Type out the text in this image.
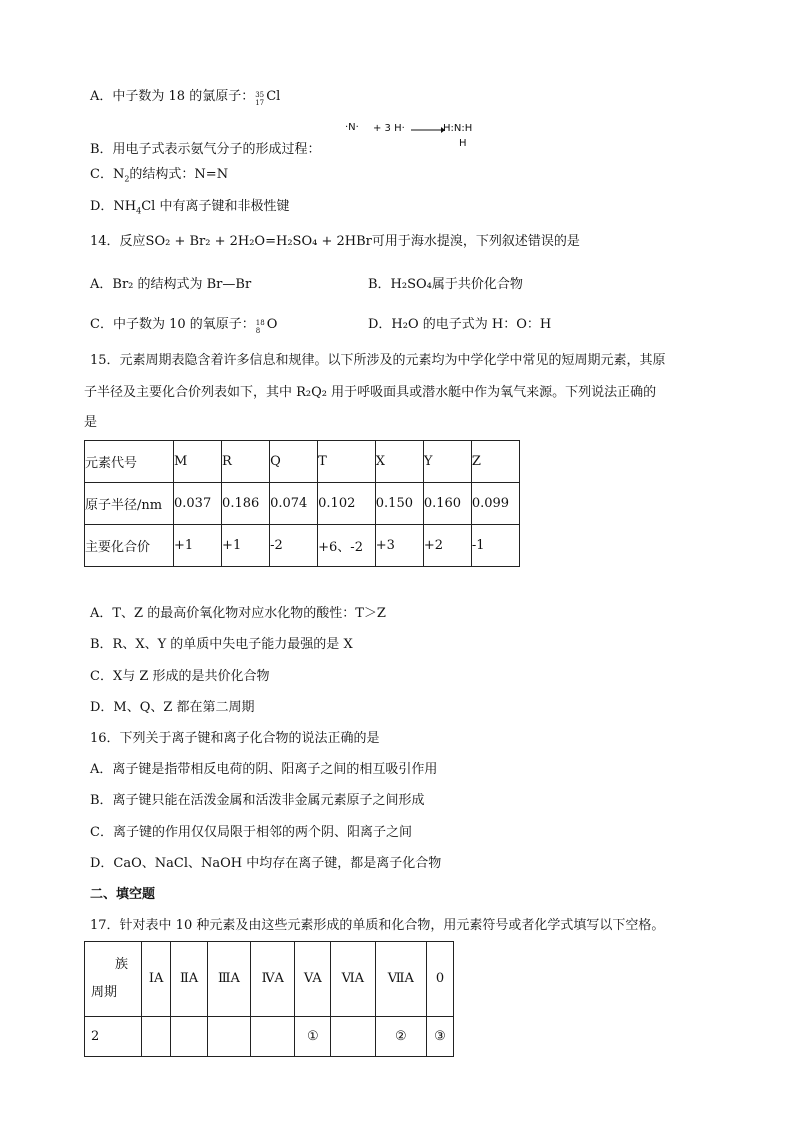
A．中子数为 18 的氯原子： 35
17 Cl
·N· + 3 H· →
H:N:H
H
B．用电子式表示氨气分子的形成过程：
C．$N_2$的结构式：N=N
D．$NH_4Cl$ 中有离子键和非极性键
14．反应SO₂ + Br₂ + 2H₂O=H₂SO₄ + 2HBr可用于海水提溴，下列叙述错误的是
A．Br₂ 的结构式为 Br—Br	B．H₂SO₄属于共价化合物
C．中子数为 10 的氧原子： 18
8 O	D．H₂O 的电子式为 H：O：H
15．元素周期表隐含着许多信息和规律。以下所涉及的元素均为中学化学中常见的短周期元素，其原
子半径及主要化合价列表如下，其中 R₂Q₂ 用于呼吸面具或潜水艇中作为氧气来源。下列说法正确的
是
元素代号	M	R	Q	T	X	Y	Z
原子半径/nm	0.037	0.186	0.074	0.102	0.150	0.160	0.099
主要化合价	+1	+1	-2	+6、-2	+3	+2	-1
A．T、Z 的最高价氧化物对应水化物的酸性：T＞Z
B．R、X、Y 的单质中失电子能力最强的是 X
C．X与 Z 形成的是共价化合物
D．M、Q、Z 都在第二周期
16．下列关于离子键和离子化合物的说法正确的是
A．离子键是指带相反电荷的阴、阳离子之间的相互吸引作用
B．离子键只能在活泼金属和活泼非金属元素原子之间形成
C．离子键的作用仅仅局限于相邻的两个阴、阳离子之间
D．CaO、NaCl、NaOH 中均存在离子键，都是离子化合物
二、填空题
17．针对表中 10 种元素及由这些元素形成的单质和化合物，用元素符号或者化学式填写以下空格。
族
周期	IA	ⅡA	ⅢA	ⅣA	VA	ⅥA	ⅦA	0
2					①		②	③
